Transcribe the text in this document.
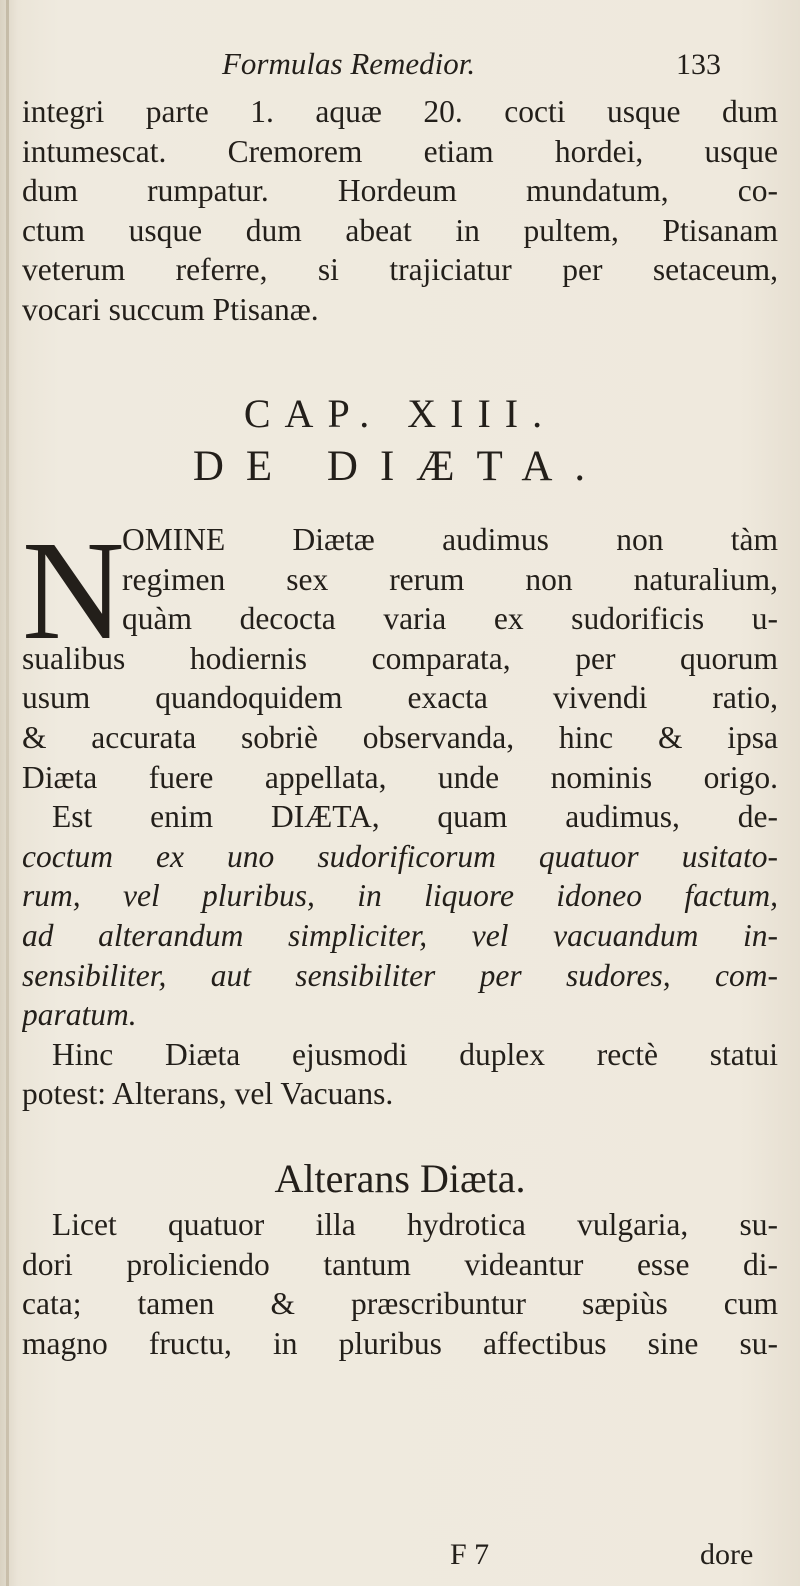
Formulas Remedior.	133
integri parte 1. aquæ 20. cocti usque dum
intumescat. Cremorem etiam hordei, usque
dum rumpatur. Hordeum mundatum, co-
ctum usque dum abeat in pultem, Ptisanam
veterum referre, si trajiciatur per setaceum,
vocari succum Ptisanæ.
CAP. XIII.
DE DIÆTA.
N
OMINE Diætæ audimus non tàm
regimen sex rerum non naturalium,
quàm decocta varia ex sudorificis u-
sualibus hodiernis comparata, per quorum
usum quandoquidem exacta vivendi ratio,
& accurata sobriè observanda, hinc & ipsa
Diæta fuere appellata, unde nominis origo.
Est enim DIÆTA, quam audimus, de-
coctum ex uno sudorificorum quatuor usitato-
rum, vel pluribus, in liquore idoneo factum,
ad alterandum simpliciter, vel vacuandum in-
sensibiliter, aut sensibiliter per sudores, com-
paratum.
Hinc Diæta ejusmodi duplex rectè statui
potest: Alterans, vel Vacuans.
Alterans Diæta.
Licet quatuor illa hydrotica vulgaria, su-
dori proliciendo tantum videantur esse di-
cata; tamen & præscribuntur sæpiùs cum
magno fructu, in pluribus affectibus sine su-
F 7	dore
